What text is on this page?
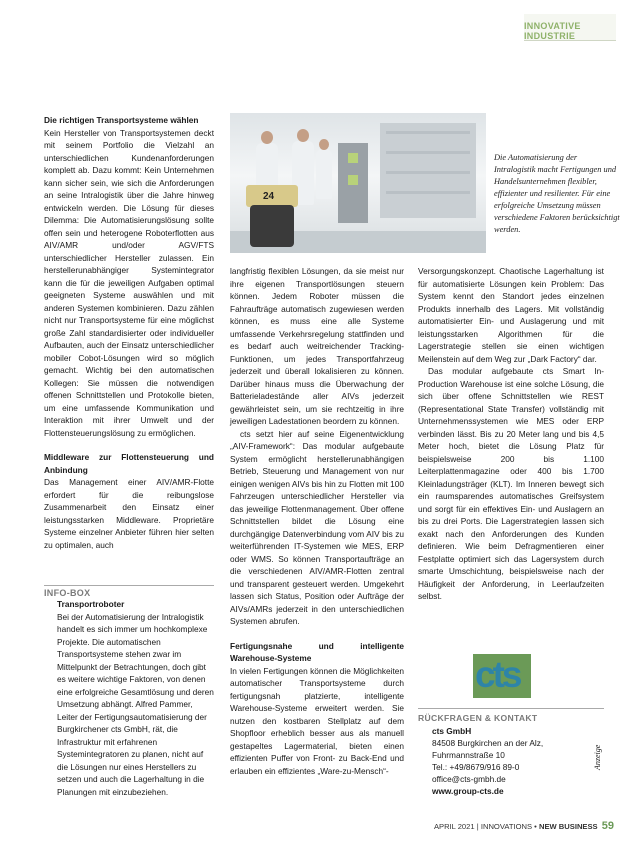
INNOVATIVE INDUSTRIE
24
Die Automatisierung der Intralogistik macht Fertigungen und Handelsunternehmen flexibler, effizienter und resilienter. Für eine erfolgreiche Umsetzung müssen verschiedene Faktoren berücksichtigt werden.

Die richtigen Transportsysteme wählen

Kein Hersteller von Transportsystemen deckt mit seinem Portfolio die Vielzahl an unterschiedlichen Kundenanforderungen komplett ab. Dazu kommt: Kein Unternehmen kann sicher sein, wie sich die Anforderungen an seine Intralogistik über die Jahre hinweg entwickeln werden. Die Lösung für dieses Dilemma: Die Automatisierungslösung sollte offen sein und heterogene Roboterflotten aus AIV/AMR und/oder AGV/FTS unterschiedlicher Hersteller zulassen. Ein herstellerunabhängiger Systemintegrator kann die für die jeweiligen Aufgaben optimal geeigneten Systeme auswählen und mit anderen Systemen kombinieren. Dazu zählen nicht nur Transportsysteme für eine möglichst große Zahl standardisierter oder individueller Aufbauten, auch der Einsatz unterschiedlicher mobiler Cobot-Lösungen wird so möglich gemacht. Wichtig bei den automatischen Kollegen: Sie müssen die notwendigen offenen Schnittstellen und Protokolle bieten, um eine umfassende Kommunikation und Interaktion mit ihrer Umwelt und der Flottensteuerungslösung zu ermöglichen.

Middleware zur Flottensteuerung und Anbindung

Das Management einer AIV/AMR-Flotte erfordert für die reibungslose Zusammenarbeit den Einsatz einer leistungsstarken Middleware. Proprietäre Systeme einzelner Anbieter führen hier selten zu optimalen, auch

INFO-BOX
Transportroboter
Bei der Automatisierung der Intralogistik handelt es sich immer um hochkomplexe Projekte. Die automatischen Transportsysteme stehen zwar im Mittelpunkt der Betrachtungen, doch gibt es weitere wichtige Faktoren, von denen eine erfolgreiche Gesamtlösung und deren Umsetzung abhängt. Alfred Pammer, Leiter der Fertigungsautomatisierung der Burgkirchener cts GmbH, rät, die Infrastruktur mit erfahrenen Systemintegratoren zu planen, nicht auf die Lösungen nur eines Herstellers zu setzen und auch die Lagerhaltung in die Planungen mit einzubeziehen.

langfristig flexiblen Lösungen, da sie meist nur ihre eigenen Transportlösungen steuern können. Jedem Roboter müssen die Fahraufträge automatisch zugewiesen werden können, es muss eine alle Systeme umfassende Verkehrsregelung stattfinden und es bedarf auch weitreichender Tracking-Funktionen, um jedes Transportfahrzeug jederzeit und überall lokalisieren zu können. Darüber hinaus muss die Überwachung der Batterieladestände aller AIVs jederzeit gewährleistet sein, um sie rechtzeitig in ihre jeweiligen Ladestationen beordern zu können.

cts setzt hier auf seine Eigenentwicklung „AIV-Framework“: Das modular aufgebaute System ermöglicht herstellerunabhängigen Betrieb, Steuerung und Management von nur einigen wenigen AIVs bis hin zu Flotten mit 100 Fahrzeugen unterschiedlicher Hersteller via das jeweilige Flottenmanagement. Über offene Schnittstellen bildet die Lösung eine durchgängige Datenverbindung vom AIV bis zu weiterführenden IT-Systemen wie MES, ERP oder WMS. So können Transportaufträge an die verschiedenen AIV/AMR-Flotten zentral und transparent gesteuert werden. Umgekehrt lassen sich Status, Position oder Aufträge der AIVs/AMRs jederzeit in den unterschiedlichen Systemen abrufen.

Fertigungsnahe und intelligente Warehouse-Systeme

In vielen Fertigungen können die Möglichkeiten automatischer Transportsysteme durch fertigungsnah platzierte, intelligente Warehouse-Systeme erweitert werden. Sie nutzen den kostbaren Stellplatz auf dem Shopfloor erheblich besser aus als manuell gestapeltes Lagermaterial, bieten einen effizienten Puffer von Front- zu Back-End und erlauben ein effizientes „Ware-zu-Mensch“-

Versorgungskonzept. Chaotische Lagerhaltung ist für automatisierte Lösungen kein Problem: Das System kennt den Standort jedes einzelnen Produkts innerhalb des Lagers. Mit vollständig automatisierter Ein- und Auslagerung und mit leistungsstarken Algorithmen für die Lagerstrategie stellen sie einen wichtigen Meilenstein auf dem Weg zur „Dark Factory“ dar.

Das modular aufgebaute cts Smart In-Production Warehouse ist eine solche Lösung, die sich über offene Schnittstellen wie REST (Representational State Transfer) vollständig mit Unternehmenssystemen wie MES oder ERP verbinden lässt. Bis zu 20 Meter lang und bis 4,5 Meter hoch, bietet die Lösung Platz für beispielsweise 200 bis 1.100 Leiterplattenmagazine oder 400 bis 1.700 Kleinladungsträger (KLT). Im Inneren bewegt sich ein raumsparendes automatisches Greifsystem und sorgt für ein effektives Ein- und Auslagern an bis zu drei Ports. Die Lagerstrategien lassen sich exakt nach den Anforderungen des Kunden definieren. Wie beim Defragmentieren einer Festplatte optimiert sich das Lagersystem durch smarte Umschichtung, beispielsweise nach der Häufigkeit der Anforderung, in Leerlaufzeiten selbst.

cts
RÜCKFRAGEN & KONTAKT
cts GmbH
84508 Burgkirchen an der Alz,
Fuhrmannstraße 10
Tel.: +49/8679/916 89-0
office@cts-gmbh.de
www.group-cts.de
Anzeige
APRIL 2021 | INNOVATIONS • NEW BUSINESS 59
